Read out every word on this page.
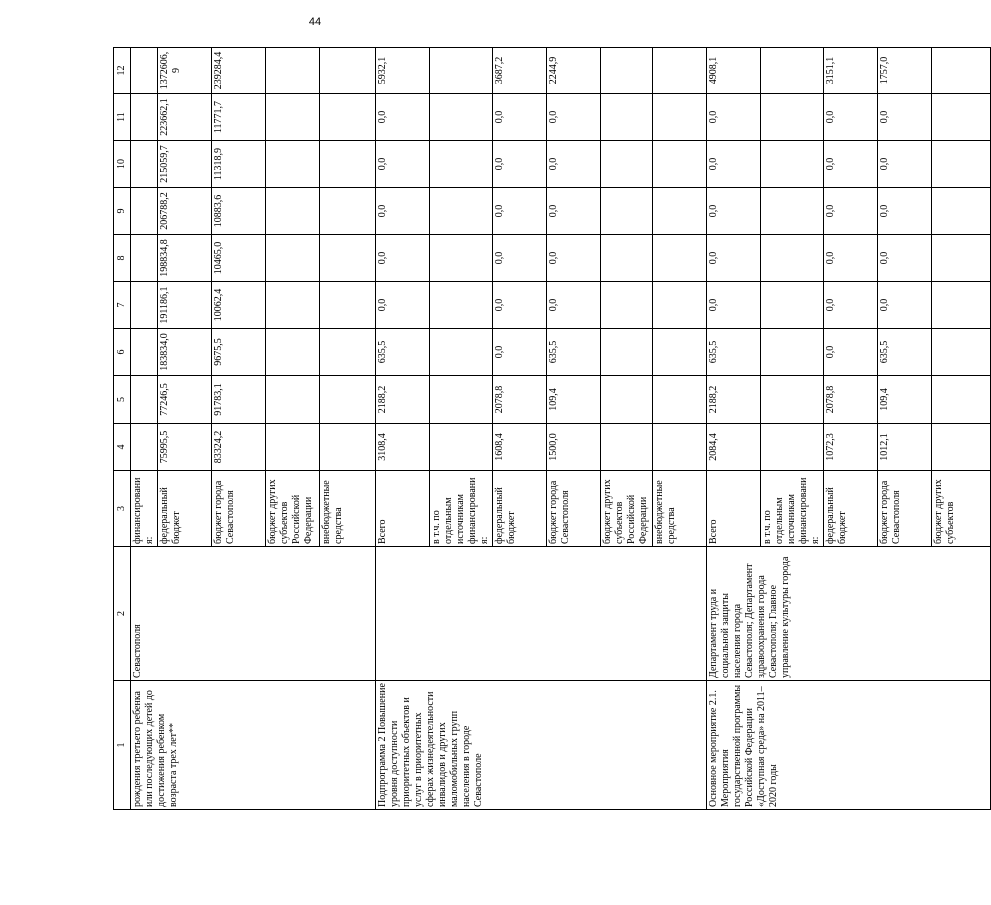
44
1	2	3	4	5	6	7	8	9	10	11	12
рождения третьего ребенка или последующих детей до достижения ребенком возраста трех лет**	Севастополя	финансирования:									
		федеральный бюджет	75995,5	77246,5	183834,0	191186,1	198834,8	206788,2	215059,7	223662,1	1372606,9
		бюджет города Севастополя	83324,2	91783,1	9675,5	10062,4	10465,0	10883,6	11318,9	11771,7	239284,4
		бюджет других субъектов Российской Федерации									
		внебюджетные средства									
Подпрограмма 2 Повышение уровня доступности приоритетных объектов и услуг в приоритетных сферах жизнедеятельности инвалидов и других маломобильных групп населения в городе Севастополе		Всего	3108,4	2188,2	635,5	0,0	0,0	0,0	0,0	0,0	5932,1
		в т.ч. по отдельным источникам финансирования:									
		федеральный бюджет	1608,4	2078,8	0,0	0,0	0,0	0,0	0,0	0,0	3687,2
		бюджет города Севастополя	1500,0	109,4	635,5	0,0	0,0	0,0	0,0	0,0	2244,9
		бюджет других субъектов Российской Федерации									
		внебюджетные средства									
Основное мероприятие 2.1. Мероприятия государственной программы Российской Федерации «Доступная среда» на 2011–2020 годы	Департамент труда и социальной защиты населения города Севастополя; Департамент здравоохранения города Севастополя; Главное управление культуры города	Всего	2084,4	2188,2	635,5	0,0	0,0	0,0	0,0	0,0	4908,1
		в т.ч. по отдельным источникам финансирования:									
		федеральный бюджет	1072,3	2078,8	0,0	0,0	0,0	0,0	0,0	0,0	3151,1
		бюджет города Севастополя	1012,1	109,4	635,5	0,0	0,0	0,0	0,0	0,0	1757,0
		бюджет других субъектов									
